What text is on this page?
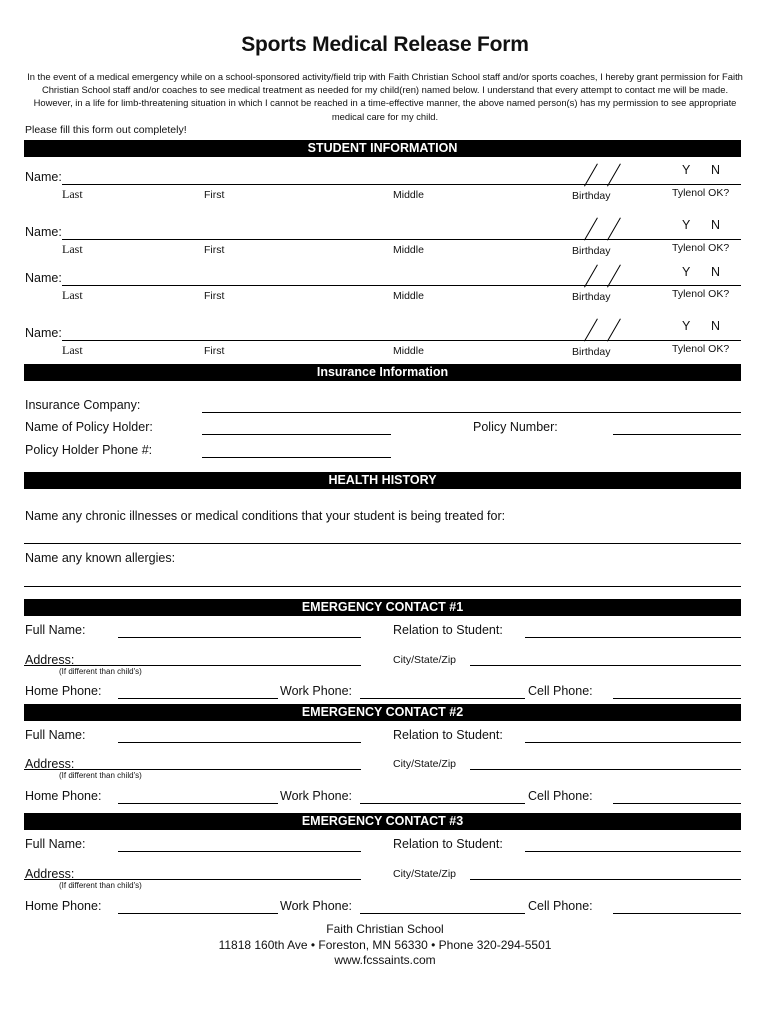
Sports Medical Release Form
In the event of a medical emergency while on a school-sponsored activity/field trip with Faith Christian School staff and/or sports coaches, I hereby grant permission for Faith Christian School staff and/or coaches to see medical treatment as needed for my child(ren) named below. I understand that every attempt to contact me will be made. However, in a life for limb-threatening situation in which I cannot be reached in a time-effective manner, the above named person(s) has my permission to see appropriate medical care for my child.
Please fill this form out completely!
STUDENT INFORMATION
Name:
Last	First	Middle	Birthday	Tylenol OK?
Y N
Name:
Last	First	Middle	Birthday	Tylenol OK?
Y N
Name:
Last	First	Middle	Birthday	Tylenol OK?
Y N
Name:
Last	First	Middle	Birthday	Tylenol OK?
Y N
Insurance Information
Insurance Company:
Name of Policy Holder:	Policy Number:
Policy Holder Phone #:
HEALTH HISTORY
Name any chronic illnesses or medical conditions that your student is being treated for:
Name any known allergies:
EMERGENCY CONTACT #1
Full Name:	Relation to Student:
Address:
(If different than child's)
City/State/Zip
Home Phone:	Work Phone:	Cell Phone:
EMERGENCY CONTACT #2
Full Name:	Relation to Student:
Address:
(If different than child's)
City/State/Zip
Home Phone:	Work Phone:	Cell Phone:
EMERGENCY CONTACT #3
Full Name:	Relation to Student:
Address:
(If different than child's)
City/State/Zip
Home Phone:	Work Phone:	Cell Phone:
Faith Christian School
11818 160th Ave • Foreston, MN 56330 • Phone 320-294-5501
www.fcssaints.com
